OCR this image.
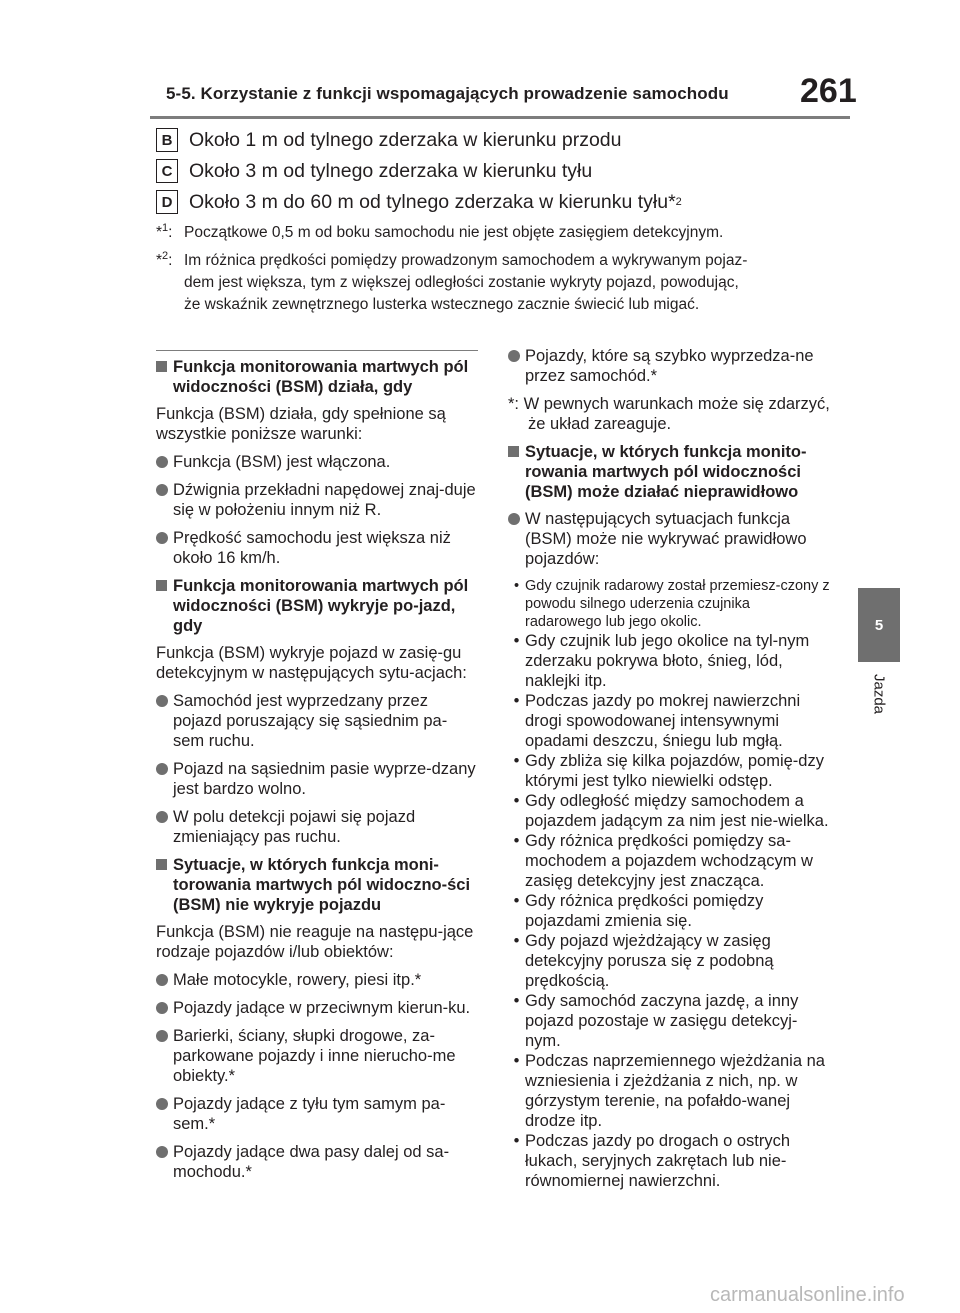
5-5. Korzystanie z funkcji wspomagających prowadzenie samochodu 261
5
Jazda
B Około 1 m od tylnego zderzaka w kierunku przodu
C Około 3 m od tylnego zderzaka w kierunku tyłu
D Około 3 m do 60 m od tylnego zderzaka w kierunku tyłu* 2
*$^1$: Początkowe 0,5 m od boku samochodu nie jest objęte zasięgiem detekcyjnym.
*$^2$: Im różnica prędkości pomiędzy prowadzonym samochodem a wykrywanym pojaz-
dem jest większa, tym z większej odległości zostanie wykryty pojazd, powodując,
że wskaźnik zewnętrznego lusterka wstecznego zacznie świecić lub migać.
Funkcja monitorowania martwych pól widoczności (BSM) działa, gdy
Funkcja (BSM) działa, gdy spełnione są wszystkie poniższe warunki:
Funkcja (BSM) jest włączona.
Dźwignia przekładni napędowej znaj-duje się w położeniu innym niż R.
Prędkość samochodu jest większa niż około 16 km/h.
Funkcja monitorowania martwych pól widoczności (BSM) wykryje po-jazd, gdy
Funkcja (BSM) wykryje pojazd w zasię-gu detekcyjnym w następujących sytu-acjach:
Samochód jest wyprzedzany przez pojazd poruszający się sąsiednim pa-sem ruchu.
Pojazd na sąsiednim pasie wyprze-dzany jest bardzo wolno.
W polu detekcji pojawi się pojazd zmieniający pas ruchu.
Sytuacje, w których funkcja moni-torowania martwych pól widoczno-ści (BSM) nie wykryje pojazdu
Funkcja (BSM) nie reaguje na następu-jące rodzaje pojazdów i/lub obiektów:
Małe motocykle, rowery, piesi itp.*
Pojazdy jadące w przeciwnym kierun-ku.
Barierki, ściany, słupki drogowe, za-parkowane pojazdy i inne nierucho-me obiekty.*
Pojazdy jadące z tyłu tym samym pa-sem.*
Pojazdy jadące dwa pasy dalej od sa-mochodu.*
Pojazdy, które są szybko wyprzedza-ne przez samochód.*
*: W pewnych warunkach może się zdarzyć, że układ zareaguje.
Sytuacje, w których funkcja monito-rowania martwych pól widoczności (BSM) może działać nieprawidłowo
W następujących sytuacjach funkcja (BSM) może nie wykrywać prawidłowo pojazdów:
• Gdy czujnik radarowy został przemiesz-czony z powodu silnego uderzenia czujnika radarowego lub jego okolic.
• Gdy czujnik lub jego okolice na tyl-nym zderzaku pokrywa błoto, śnieg, lód, naklejki itp.
• Podczas jazdy po mokrej nawierzchni drogi spowodowanej intensywnymi opadami deszczu, śniegu lub mgłą.
• Gdy zbliża się kilka pojazdów, pomię-dzy którymi jest tylko niewielki odstęp.
• Gdy odległość między samochodem a pojazdem jadącym za nim jest nie-wielka.
• Gdy różnica prędkości pomiędzy sa-mochodem a pojazdem wchodzącym w zasięg detekcyjny jest znacząca.
• Gdy różnica prędkości pomiędzy pojazdami zmienia się.
• Gdy pojazd wjeżdżający w zasięg detekcyjny porusza się z podobną prędkością.
• Gdy samochód zaczyna jazdę, a inny pojazd pozostaje w zasięgu detekcyj-nym.
• Podczas naprzemiennego wjeżdżania na wzniesienia i zjeżdżania z nich, np. w górzystym terenie, na pofałdo-wanej drodze itp.
• Podczas jazdy po drogach o ostrych łukach, seryjnych zakrętach lub nie-równomiernej nawierzchni.
carmanualsonline.info
